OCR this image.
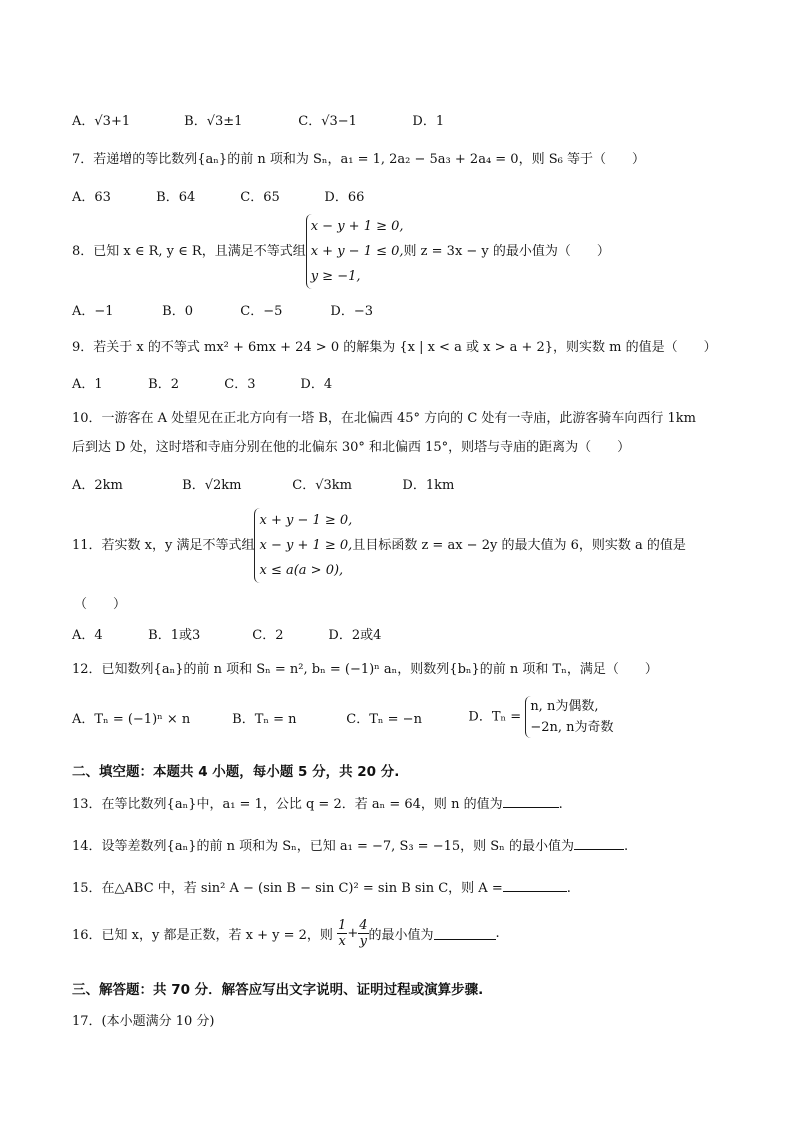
A．√3+1	B．√3±1	C．√3−1	D．1
7．若递增的等比数列{aₙ}的前 n 项和为 Sₙ，a₁ = 1, 2a₂ − 5a₃ + 2a₄ = 0，则 S₆ 等于（　　）
A．63	B．64	C．65	D．66
8．已知 x ∈ R, y ∈ R，且满足不等式组
x − y + 1 ≥ 0,
x + y − 1 ≤ 0,
y ≥ −1,
则 z = 3x − y 的最小值为（　　）
A．−1	B．0	C．−5	D．−3
9．若关于 x 的不等式 mx² + 6mx + 24 > 0 的解集为 {x | x < a 或 x > a + 2}，则实数 m 的值是（　　）
A．1	B．2	C．3	D．4
10．一游客在 A 处望见在正北方向有一塔 B，在北偏西 45° 方向的 C 处有一寺庙，此游客骑车向西行 1km
后到达 D 处，这时塔和寺庙分别在他的北偏东 30° 和北偏西 15°，则塔与寺庙的距离为（　　）
A．2km	B．√2km	C．√3km	D．1km
11．若实数 x，y 满足不等式组
x + y − 1 ≥ 0,
x − y + 1 ≥ 0,
x ≤ a(a > 0),
且目标函数 z = ax − 2y 的最大值为 6，则实数 a 的值是
（　　）
A．4	B．1或3	C．2	D．2或4
12．已知数列{aₙ}的前 n 项和 Sₙ = n², bₙ = (−1)ⁿ aₙ，则数列{bₙ}的前 n 项和 Tₙ，满足（　　）
A．Tₙ = (−1)ⁿ × n	B．Tₙ = n	C．Tₙ = −n	D．Tₙ =
n, n为偶数,
−2n, n为奇数
二、填空题：本题共 4 小题，每小题 5 分，共 20 分.
13．在等比数列{aₙ}中，a₁ = 1，公比 q = 2．若 aₙ = 64，则 n 的值为	.
14．设等差数列{aₙ}的前 n 项和为 Sₙ，已知 a₁ = −7, S₃ = −15，则 Sₙ 的最小值为	.
15．在△ABC 中，若 sin² A − (sin B − sin C)² = sin B sin C，则 A =	.
16．已知 x，y 都是正数，若 x + y = 2，则 $\frac{1}{x} + \frac{4}{y}$ 的最小值为	.
三、解答题：共 70 分．解答应写出文字说明、证明过程或演算步骤.
17．(本小题满分 10 分)
